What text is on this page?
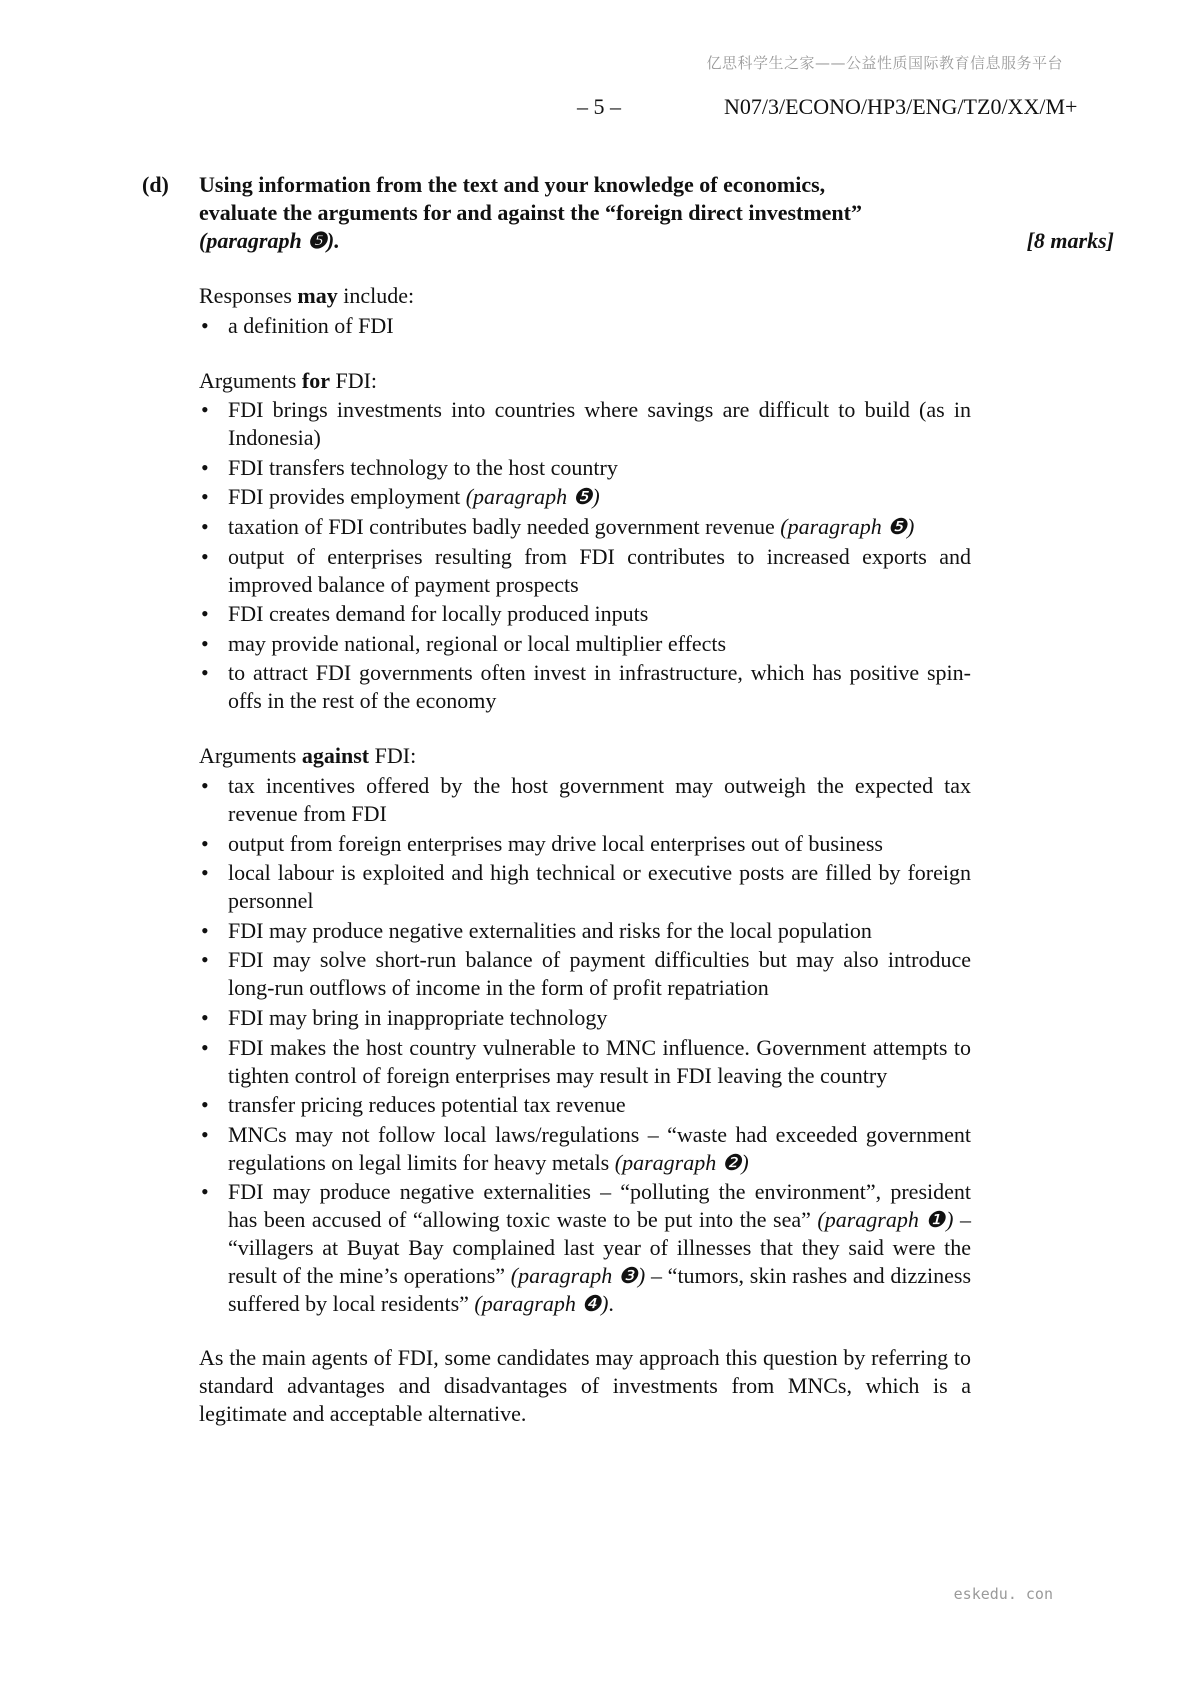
亿思科学生之家——公益性质国际教育信息服务平台
– 5 –	N07/3/ECONO/HP3/ENG/TZ0/XX/M+
(d) Using information from the text and your knowledge of economics,
evaluate the arguments for and against the “foreign direct investment”
(paragraph ❺).	[8 marks]

Responses may include:

• a definition of FDI

Arguments for FDI:

• FDI brings investments into countries where savings are difficult to build (as in Indonesia)
• FDI transfers technology to the host country
• FDI provides employment (paragraph ❺)
• taxation of FDI contributes badly needed government revenue (paragraph ❺)
• output of enterprises resulting from FDI contributes to increased exports and improved balance of payment prospects
• FDI creates demand for locally produced inputs
• may provide national, regional or local multiplier effects
• to attract FDI governments often invest in infrastructure, which has positive spin-offs in the rest of the economy

Arguments against FDI:

• tax incentives offered by the host government may outweigh the expected tax revenue from FDI
• output from foreign enterprises may drive local enterprises out of business
• local labour is exploited and high technical or executive posts are filled by foreign personnel
• FDI may produce negative externalities and risks for the local population
• FDI may solve short-run balance of payment difficulties but may also introduce long-run outflows of income in the form of profit repatriation
• FDI may bring in inappropriate technology
• FDI makes the host country vulnerable to MNC influence. Government attempts to tighten control of foreign enterprises may result in FDI leaving the country
• transfer pricing reduces potential tax revenue
• MNCs may not follow local laws/regulations – “waste had exceeded government regulations on legal limits for heavy metals (paragraph ❷)
• FDI may produce negative externalities – “polluting the environment”, president has been accused of “allowing toxic waste to be put into the sea” (paragraph ❶) – “villagers at Buyat Bay complained last year of illnesses that they said were the result of the mine’s operations” (paragraph ❸) – “tumors, skin rashes and dizziness suffered by local residents” (paragraph ❹).

As the main agents of FDI, some candidates may approach this question by referring to standard advantages and disadvantages of investments from MNCs, which is a legitimate and acceptable alternative.

eskedu. con
